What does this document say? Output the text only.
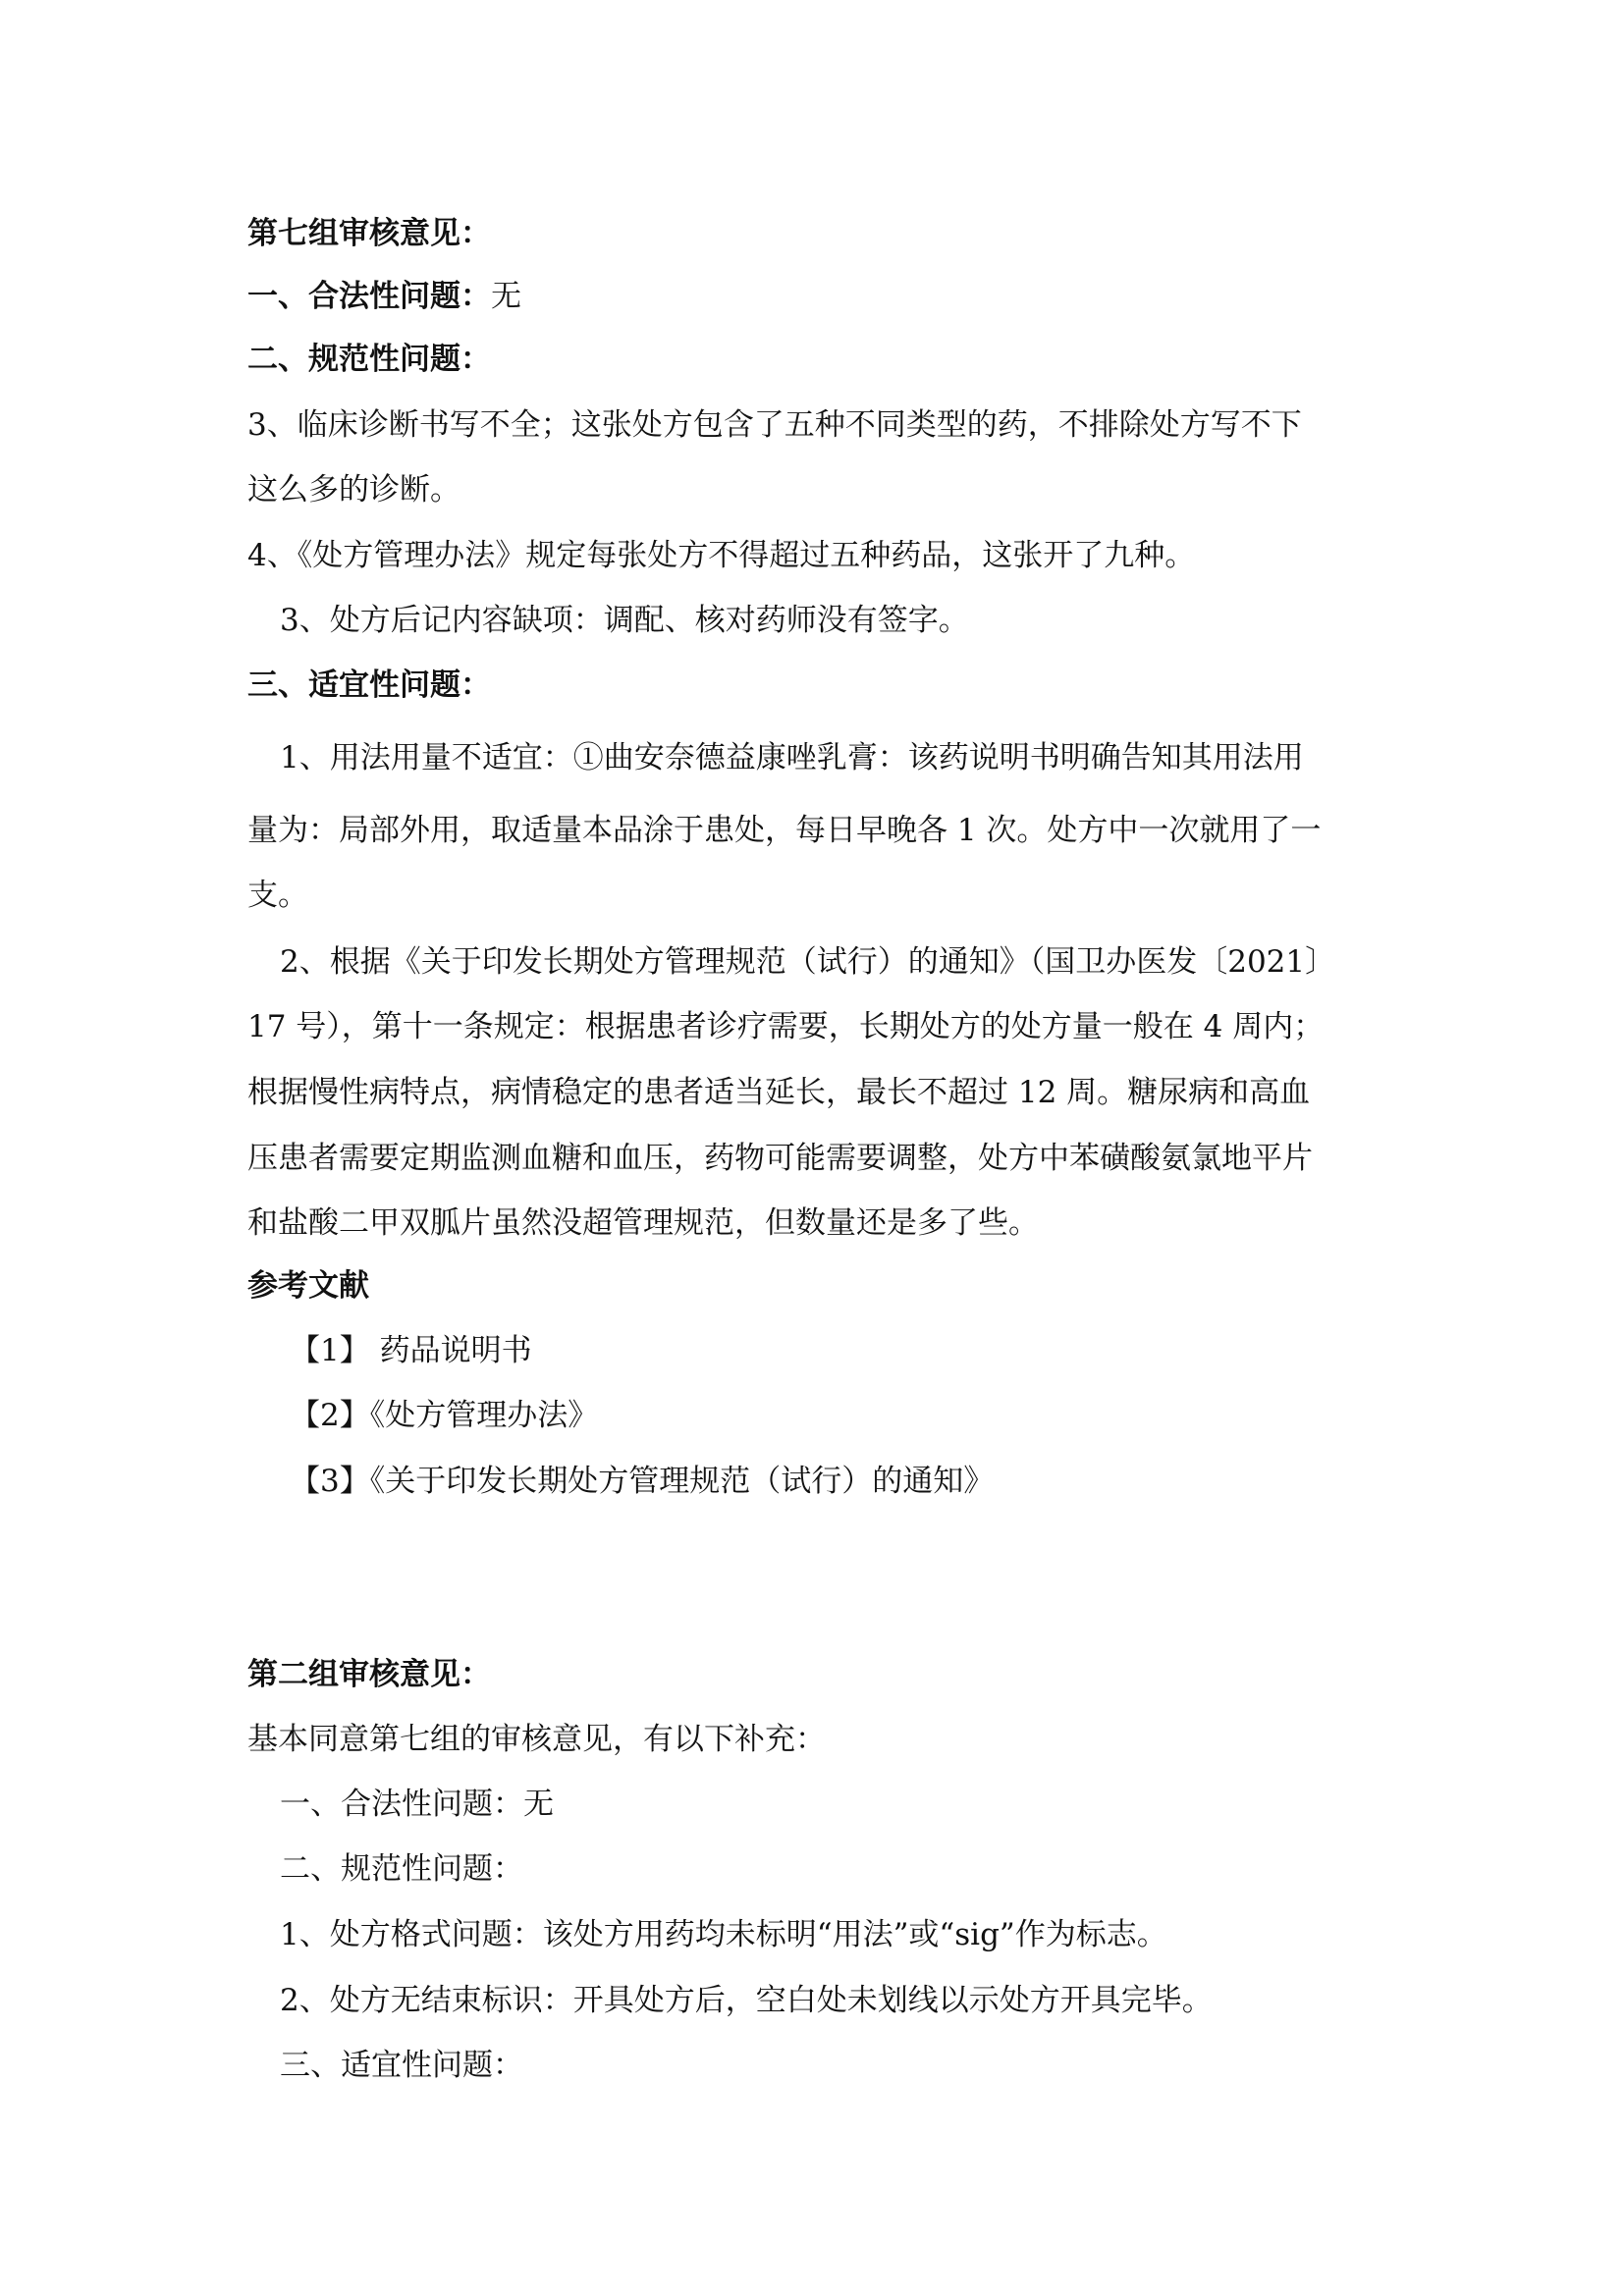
第七组审核意见：

一、合法性问题：无

二、规范性问题：

3、临床诊断书写不全；这张处方包含了五种不同类型的药，不排除处方写不下

这么多的诊断。

4、《处方管理办法》规定每张处方不得超过五种药品，这张开了九种。

3、处方后记内容缺项：调配、核对药师没有签字。

三、适宜性问题：

1、用法用量不适宜：①曲安奈德益康唑乳膏：该药说明书明确告知其用法用

量为：局部外用，取适量本品涂于患处，每日早晚各 1 次。处方中一次就用了一

支。

2、根据《关于印发长期处方管理规范（试行）的通知》（国卫办医发〔2021〕

17 号），第十一条规定：根据患者诊疗需要，长期处方的处方量一般在 4 周内；

根据慢性病特点，病情稳定的患者适当延长，最长不超过 12 周。糖尿病和高血

压患者需要定期监测血糖和血压，药物可能需要调整，处方中苯磺酸氨氯地平片

和盐酸二甲双胍片虽然没超管理规范，但数量还是多了些。

参考文献

【1】 药品说明书

【2】《处方管理办法》

【3】《关于印发长期处方管理规范（试行）的通知》

第二组审核意见：

基本同意第七组的审核意见，有以下补充：

一、合法性问题：无

二、规范性问题：

1、处方格式问题：该处方用药均未标明“用法”或“sig”作为标志。

2、处方无结束标识：开具处方后，空白处未划线以示处方开具完毕。

三、适宜性问题：
